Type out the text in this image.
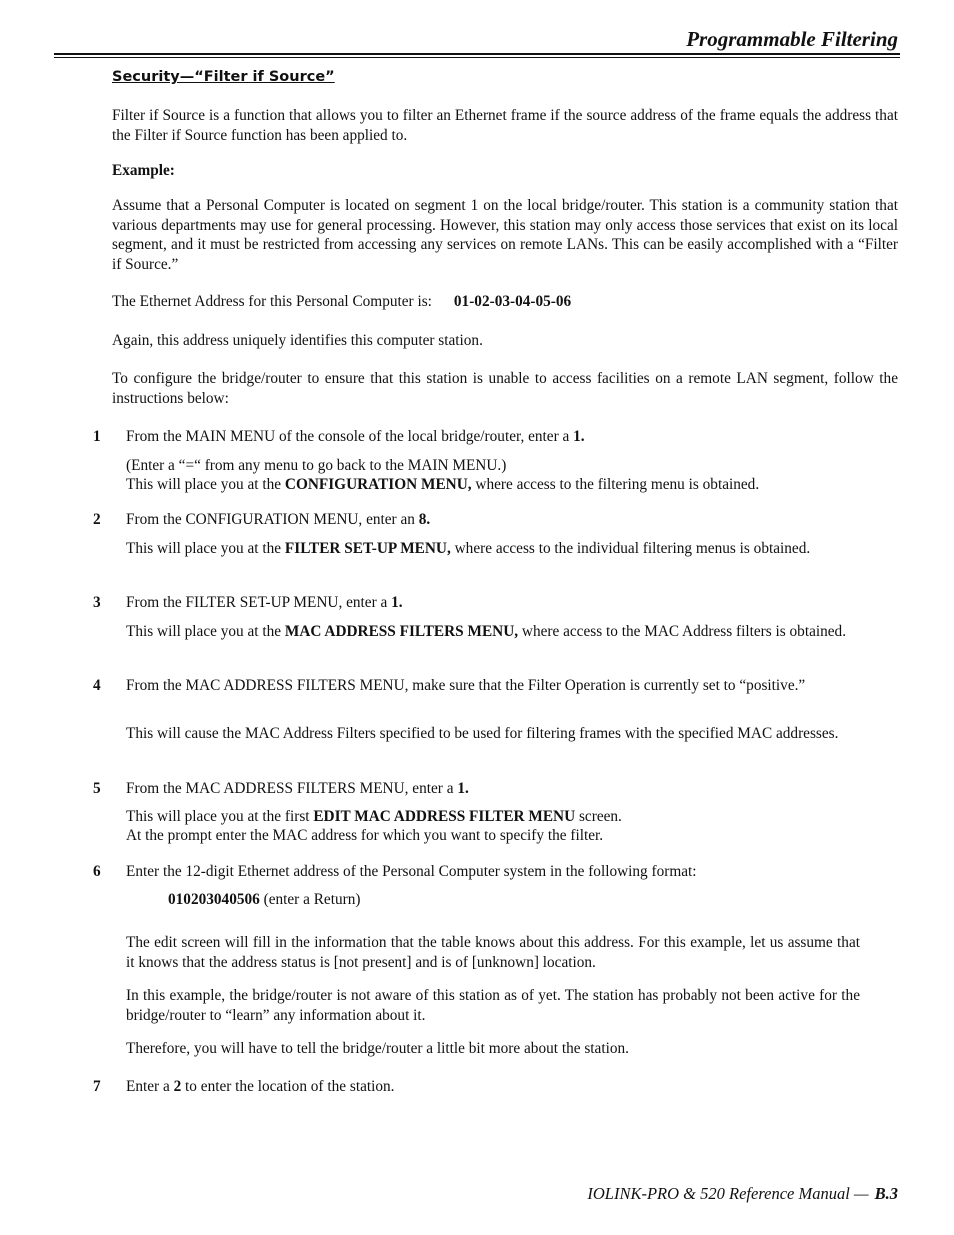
Programmable Filtering
Security—“Filter if Source”
Filter if Source is a function that allows you to filter an Ethernet frame if the source address of the frame equals the address that the Filter if Source function has been applied to.
Example:
Assume that a Personal Computer is located on segment 1 on the local bridge/router. This station is a community station that various departments may use for general processing. However, this station may only access those services that exist on its local segment, and it must be restricted from accessing any services on remote LANs. This can be easily accomplished with a “Filter if Source.”
The Ethernet Address for this Personal Computer is: 01-02-03-04-05-06
Again, this address uniquely identifies this computer station.
To configure the bridge/router to ensure that this station is unable to access facilities on a remote LAN segment, follow the instructions below:
1 From the MAIN MENU of the console of the local bridge/router, enter a 1.
(Enter a “=“ from any menu to go back to the MAIN MENU.)
This will place you at the CONFIGURATION MENU, where access to the filtering menu is obtained.
2 From the CONFIGURATION MENU, enter an 8.
This will place you at the FILTER SET-UP MENU, where access to the individual filtering menus is obtained.
3 From the FILTER SET-UP MENU, enter a 1.
This will place you at the MAC ADDRESS FILTERS MENU, where access to the MAC Address filters is obtained.
4 From the MAC ADDRESS FILTERS MENU, make sure that the Filter Operation is currently set to “positive.”
This will cause the MAC Address Filters specified to be used for filtering frames with the specified MAC addresses.
5 From the MAC ADDRESS FILTERS MENU, enter a 1.
This will place you at the first EDIT MAC ADDRESS FILTER MENU screen.
At the prompt enter the MAC address for which you want to specify the filter.
6 Enter the 12-digit Ethernet address of the Personal Computer system in the following format:
010203040506 (enter a Return)
The edit screen will fill in the information that the table knows about this address. For this example, let us assume that it knows that the address status is [not present] and is of [unknown] location.
In this example, the bridge/router is not aware of this station as of yet. The station has probably not been active for the bridge/router to “learn” any information about it.
Therefore, you will have to tell the bridge/router a little bit more about the station.
7 Enter a 2 to enter the location of the station.
IOLINK-PRO & 520 Reference Manual — B.3
